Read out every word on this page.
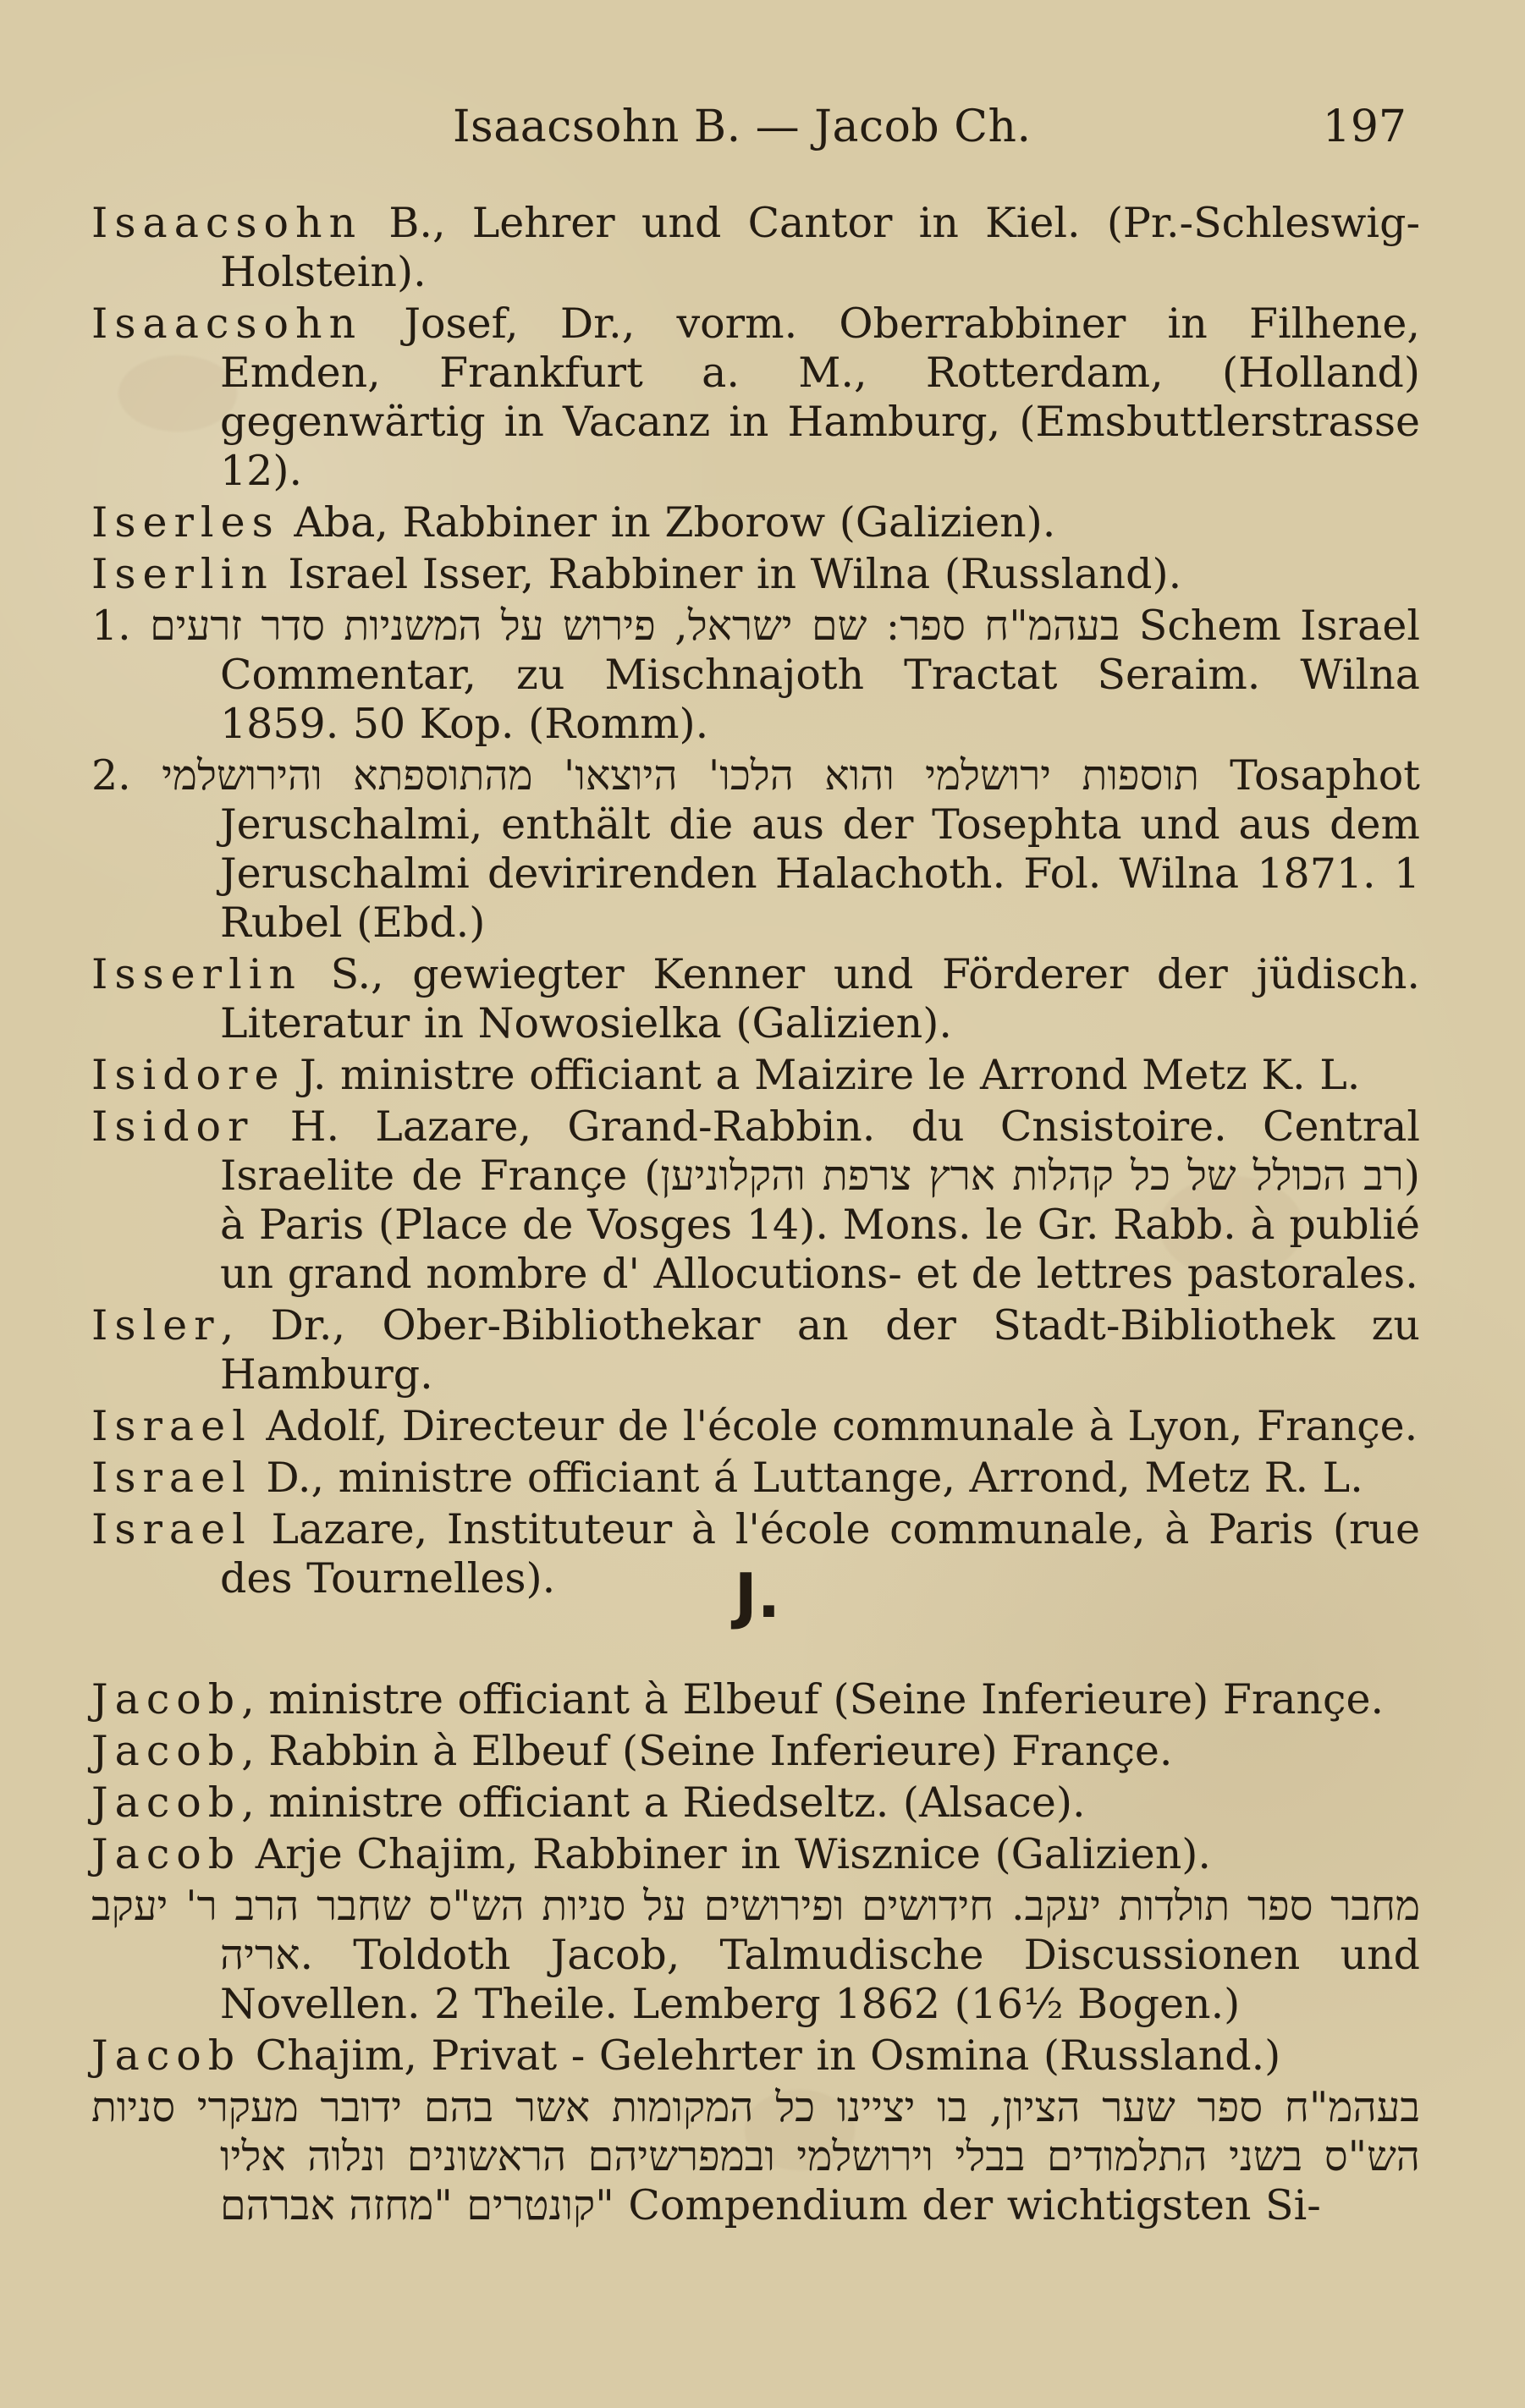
Isaacsohn B. — Jacob Ch.	197

Isaacsohn B., Lehrer und Cantor in Kiel. (Pr.-Schleswig-Holstein).

Isaacsohn Josef, Dr., vorm. Oberrabbiner in Filhene, Emden, Frankfurt a. M., Rotterdam, (Holland) gegenwärtig in Vacanz in Hamburg, (Emsbuttlerstrasse 12).

Iserles Aba, Rabbiner in Zborow (Galizien).

Iserlin Israel Isser, Rabbiner in Wilna (Russland).

1. בעהמ"ח ספר: שם ישראל, פירוש על המשניות סדר זרעים Schem Israel Commentar, zu Mischnajoth Tractat Seraim. Wilna 1859. 50 Kop. (Romm).

2. תוספות ירושלמי והוא הלכו' היוצאו' מהתוספתא והירושלמי Tosaphot Jeruschalmi, enthält die aus der Tosephta und aus dem Jeruschalmi devirirenden Halachoth. Fol. Wilna 1871. 1 Rubel (Ebd.)

Isserlin S., gewiegter Kenner und Förderer der jüdisch. Literatur in Nowosielka (Galizien).

Isidore J. ministre officiant a Maizire le Arrond Metz K. L.

Isidor H. Lazare, Grand-Rabbin. du Cnsistoire. Central Israelite de Françe (רב הכולל של כל קהלות ארץ צרפת והקלוניען) à Paris (Place de Vosges 14). Mons. le Gr. Rabb. à publié un grand nombre d' Allocutions- et de lettres pastorales.

Isler, Dr., Ober-Bibliothekar an der Stadt-Bibliothek zu Hamburg.

Israel Adolf, Directeur de l'école communale à Lyon, Françe.

Israel D., ministre officiant á Luttange, Arrond, Metz R. L.

Israel Lazare, Instituteur à l'école communale, à Paris (rue des Tournelles).	J.

Jacob, ministre officiant à Elbeuf (Seine Inferieure) Françe.

Jacob, Rabbin à Elbeuf (Seine Inferieure) Françe.

Jacob, ministre officiant a Riedseltz. (Alsace).

Jacob Arje Chajim, Rabbiner in Wisznice (Galizien).

מחבר ספר תולדות יעקב. חידושים ופירושים על סניות הש"ס שחבר הרב ר' יעקב אריה. Toldoth Jacob, Talmudische Discussionen und Novellen. 2 Theile. Lemberg 1862 (16½ Bogen.)

Jacob Chajim, Privat - Gelehrter in Osmina (Russland.)

בעהמ"ח ספר שער הציון, בו יציינו כל המקומות אשר בהם ידובר מעקרי סניות הש"ס בשני התלמודים בבלי וירושלמי ובמפרשיהם הראשונים ונלוה אליו קונטרים "מחזה אברהם" Compendium der wichtigsten Si-
